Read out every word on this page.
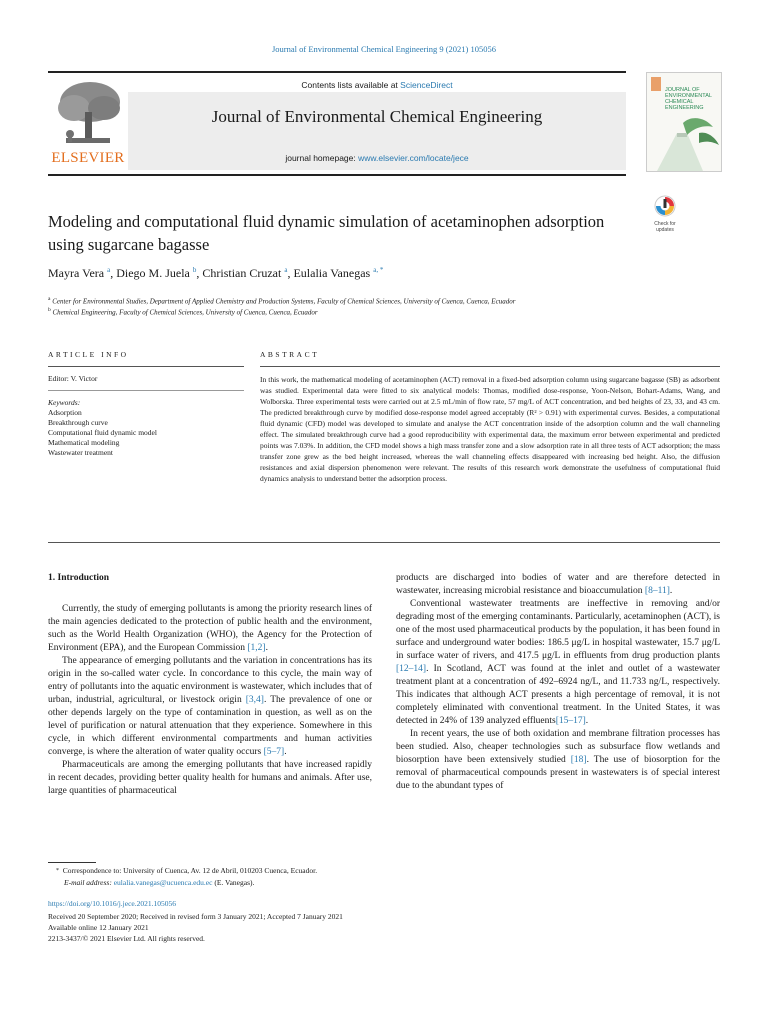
Journal of Environmental Chemical Engineering 9 (2021) 105056
Contents lists available at ScienceDirect
Journal of Environmental Chemical Engineering
journal homepage: www.elsevier.com/locate/jece
ELSEVIER
JOURNAL OF
ENVIRONMENTAL
CHEMICAL
ENGINEERING
Modeling and computational fluid dynamic simulation of acetaminophen adsorption using sugarcane bagasse
Check for updates
Mayra Vera $^a$, Diego M. Juela $^b$, Christian Cruzat $^a$, Eulalia Vanegas $^{a, *}$
$^a$ Center for Environmental Studies, Department of Applied Chemistry and Production Systems, Faculty of Chemical Sciences, University of Cuenca, Cuenca, Ecuador
$^b$ Chemical Engineering, Faculty of Chemical Sciences, University of Cuenca, Cuenca, Ecuador
ARTICLE INFO
Editor: V. Victor
Keywords:
Adsorption
Breakthrough curve
Computational fluid dynamic model
Mathematical modeling
Wastewater treatment
ABSTRACT
In this work, the mathematical modeling of acetaminophen (ACT) removal in a fixed-bed adsorption column using sugarcane bagasse (SB) as adsorbent was studied. Experimental data were fitted to six analytical models: Thomas, modified dose-response, Yoon-Nelson, Bohart-Adams, Wang, and Wolborska. Three experimental tests were carried out at 2.5 mL/min of flow rate, 57 mg/L of ACT concentration, and bed heights of 23, 33, and 43 cm. The predicted breakthrough curve by modified dose-response model agreed acceptably (R² > 0.91) with experimental curves. Besides, a computational fluid dynamic (CFD) model was developed to simulate and analyse the ACT concentration inside of the adsorption column and the wall channeling effect. The simulated breakthrough curve had a good reproducibility with experimental data, the maximum error between experimental and predicted points was 7.03%. In addition, the CFD model shows a high mass transfer zone and a slow adsorption rate in all three tests of ACT adsorption; the mass transfer zone grew as the bed height increased, whereas the wall channeling effects disappeared with increasing bed height. Also, the diffusion resistances and axial dispersion phenomenon were relevant. The results of this research work demonstrate the usefulness of computational fluid dynamics analysis to understand better the adsorption process.
1. Introduction

Currently, the study of emerging pollutants is among the priority research lines of the main agencies dedicated to the protection of public health and the environment, such as the World Health Organization (WHO), the Agency for the Protection of Environment (EPA), and the European Commission [1,2].

The appearance of emerging pollutants and the variation in concentrations has its origin in the so-called water cycle. In concordance to this cycle, the main way of entry of pollutants into the aquatic environment is wastewater, which includes that of urban, industrial, agricultural, or livestock origin [3,4]. The prevalence of one or other depends largely on the type of contamination in question, as well as on the level of purification or natural attenuation that they experience. Somewhere in this cycle, in which different environmental compartments and human activities converge, is where the alteration of water quality occurs [5–7].

Pharmaceuticals are among the emerging pollutants that have increased rapidly in recent decades, providing better quality health for humans and animals. After use, large quantities of pharmaceutical

products are discharged into bodies of water and are therefore detected in wastewater, increasing microbial resistance and bioaccumulation [8–11].

Conventional wastewater treatments are ineffective in removing and/or degrading most of the emerging contaminants. Particularly, acetaminophen (ACT), is one of the most used pharmaceutical products by the population, it has been found in surface and underground water bodies: 186.5 μg/L in hospital wastewater, 15.7 μg/L in surface water of rivers, and 417.5 μg/L in effluents from drug production plants [12–14]. In Scotland, ACT was found at the inlet and outlet of a wastewater treatment plant at a concentration of 492–6924 ng/L, and 11.733 ng/L, respectively. This indicates that although ACT presents a high percentage of removal, it is not completely eliminated with conventional treatment. In the United States, it was detected in 24% of 139 analyzed effluents[15–17].

In recent years, the use of both oxidation and membrane filtration processes has been studied. Also, cheaper technologies such as subsurface flow wetlands and biosorption have been extensively studied [18]. The use of biosorption for the removal of pharmaceutical compounds present in wastewaters is of special interest due to the abundant types of

* Correspondence to: University of Cuenca, Av. 12 de Abril, 010203 Cuenca, Ecuador.
E-mail address: eulalia.vanegas@ucuenca.edu.ec (E. Vanegas).
https://doi.org/10.1016/j.jece.2021.105056
Received 20 September 2020; Received in revised form 3 January 2021; Accepted 7 January 2021
Available online 12 January 2021
2213-3437/© 2021 Elsevier Ltd. All rights reserved.
